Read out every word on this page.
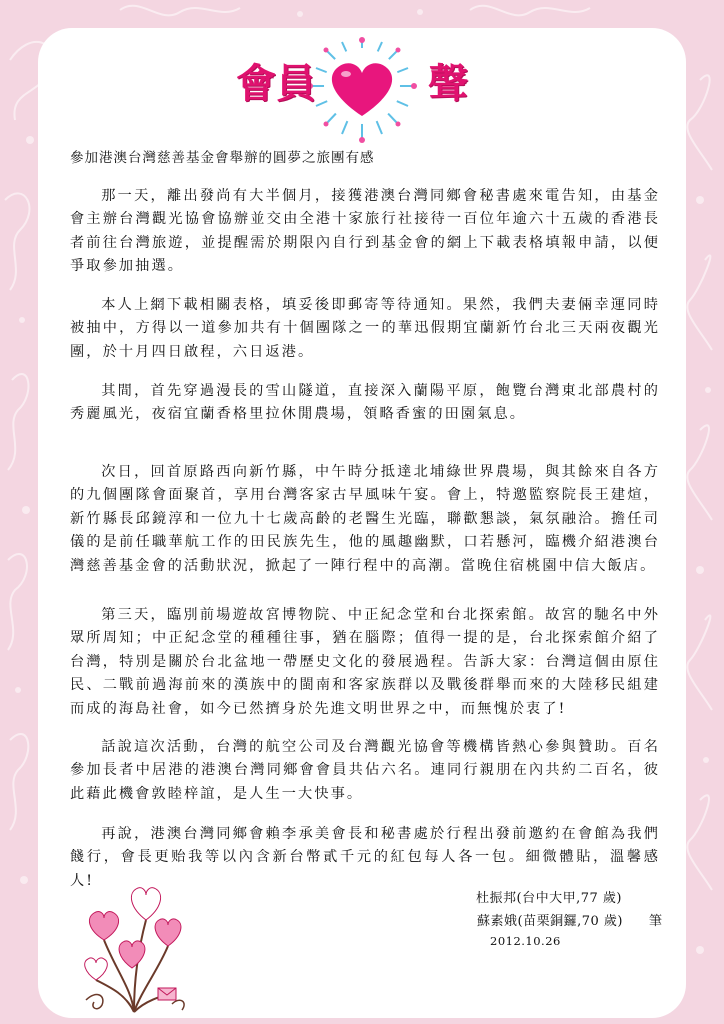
會 員	聲
參加港澳台灣慈善基金會舉辦的圓夢之旅團有感

那一天，離出發尚有大半個月，接獲港澳台灣同鄉會秘書處來電告知，由基金會主辦台灣觀光協會協辦並交由全港十家旅行社接待一百位年逾六十五歲的香港長者前往台灣旅遊，並提醒需於期限內自行到基金會的網上下載表格填報申請，以便爭取參加抽選。

本人上網下載相關表格，填妥後即郵寄等待通知。果然，我們夫妻倆幸運同時被抽中，方得以一道參加共有十個團隊之一的華迅假期宜蘭新竹台北三天兩夜觀光團，於十月四日啟程，六日返港。

其間，首先穿過漫長的雪山隧道，直接深入蘭陽平原，飽覽台灣東北部農村的秀麗風光，夜宿宜蘭香格里拉休閒農場，領略香蜜的田園氣息。

次日，回首原路西向新竹縣，中午時分抵達北埔綠世界農場，與其餘來自各方的九個團隊會面聚首，享用台灣客家古早風味午宴。會上，特邀監察院長王建煊，新竹縣長邱鏡淳和一位九十七歲高齡的老醫生光臨，聯歡懇談，氣氛融洽。擔任司儀的是前任職華航工作的田民族先生，他的風趣幽默，口若懸河，臨機介紹港澳台灣慈善基金會的活動狀況，掀起了一陣行程中的高潮。當晚住宿桃園中信大飯店。

第三天，臨別前場遊故宮博物院、中正紀念堂和台北探索館。故宮的馳名中外眾所周知；中正紀念堂的種種往事，猶在腦際；值得一提的是，台北探索館介紹了台灣，特別是關於台北盆地一帶歷史文化的發展過程。告訴大家：台灣這個由原住民、二戰前過海前來的漢族中的閩南和客家族群以及戰後群舉而來的大陸移民組建而成的海島社會，如今已然擠身於先進文明世界之中，而無愧於衷了!

話說這次活動，台灣的航空公司及台灣觀光協會等機構皆熱心參與贊助。百名參加長者中居港的港澳台灣同鄉會會員共佔六名。連同行親朋在內共約二百名，彼此藉此機會敦睦梓誼，是人生一大快事。

再說，港澳台灣同鄉會賴李承美會長和秘書處於行程出發前邀約在會館為我們餞行，會長更贻我等以內含新台幣貳千元的紅包每人各一包。細微體貼，溫馨感人!

杜振邦(台中大甲,77 歲)
蘇素娥(苗栗銅鑼,70 歲) 筆
2012.10.26
